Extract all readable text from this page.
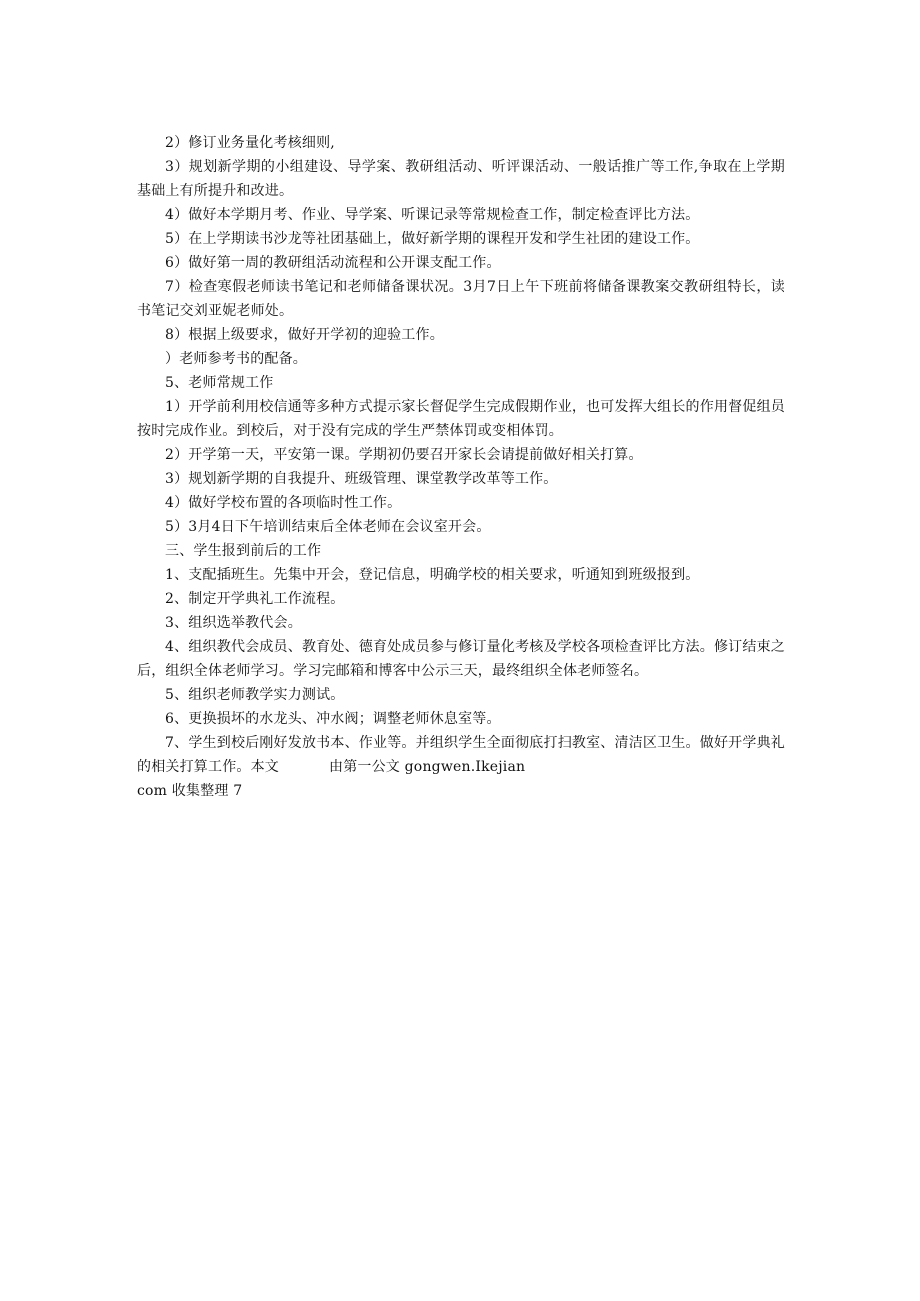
2）修订业务量化考核细则,

3）规划新学期的小组建设、导学案、教研组活动、听评课活动、一般话推广等工作,争取在上学期基础上有所提升和改进。

4）做好本学期月考、作业、导学案、听课记录等常规检查工作，制定检查评比方法。

5）在上学期读书沙龙等社团基础上，做好新学期的课程开发和学生社团的建设工作。

6）做好第一周的教研组活动流程和公开课支配工作。

7）检查寒假老师读书笔记和老师储备课状况。3月7日上午下班前将储备课教案交教研组特长，读书笔记交刘亚妮老师处。

8）根据上级要求，做好开学初的迎验工作。

）老师参考书的配备。

5、老师常规工作

1）开学前利用校信通等多种方式提示家长督促学生完成假期作业，也可发挥大组长的作用督促组员按时完成作业。到校后，对于没有完成的学生严禁体罚或变相体罚。

2）开学第一天，平安第一课。学期初仍要召开家长会请提前做好相关打算。

3）规划新学期的自我提升、班级管理、课堂教学改革等工作。

4）做好学校布置的各项临时性工作。

5）3月4日下午培训结束后全体老师在会议室开会。

三、学生报到前后的工作

1、支配插班生。先集中开会，登记信息，明确学校的相关要求，听通知到班级报到。

2、制定开学典礼工作流程。

3、组织选举教代会。

4、组织教代会成员、教育处、德育处成员参与修订量化考核及学校各项检查评比方法。修订结束之后，组织全体老师学习。学习完邮箱和博客中公示三天，最终组织全体老师签名。

5、组织老师教学实力测试。

6、更换损坏的水龙头、冲水阀；调整老师休息室等。

7、学生到校后刚好发放书本、作业等。并组织学生全面彻底打扫教室、清洁区卫生。做好开学典礼的相关打算工作。本文	由第一公文 gongwen.Ikejian

com 收集整理 7
